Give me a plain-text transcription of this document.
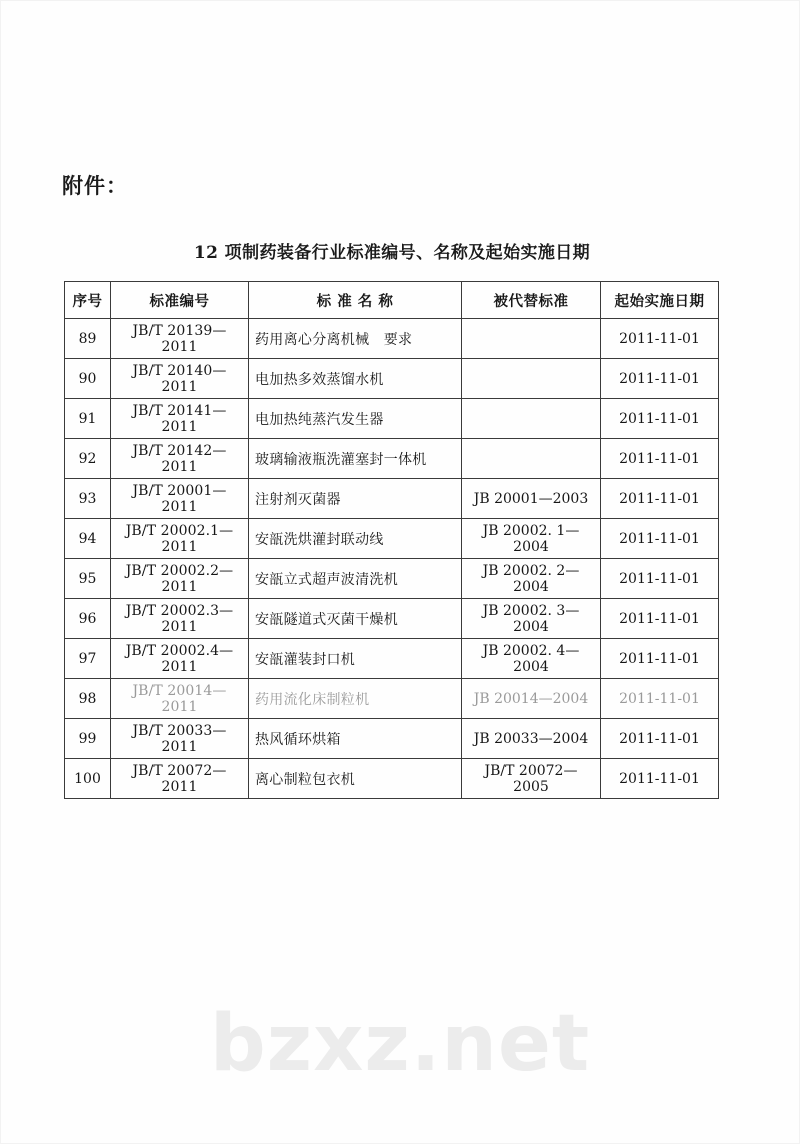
bzxz.net
附件：
12 项制药装备行业标准编号、名称及起始实施日期
序号	标准编号	标 准 名 称	被代替标准	起始实施日期
89	JB/T 20139—2011	药用离心分离机械　要求		2011-11-01
90	JB/T 20140—2011	电加热多效蒸馏水机		2011-11-01
91	JB/T 20141—2011	电加热纯蒸汽发生器		2011-11-01
92	JB/T 20142—2011	玻璃输液瓶洗灌塞封一体机		2011-11-01
93	JB/T 20001—2011	注射剂灭菌器	JB 20001—2003	2011-11-01
94	JB/T 20002.1—2011	安瓿洗烘灌封联动线	JB 20002. 1—2004	2011-11-01
95	JB/T 20002.2—2011	安瓿立式超声波清洗机	JB 20002. 2—2004	2011-11-01
96	JB/T 20002.3—2011	安瓿隧道式灭菌干燥机	JB 20002. 3—2004	2011-11-01
97	JB/T 20002.4—2011	安瓿灌装封口机	JB 20002. 4—2004	2011-11-01
98	JB/T 20014—2011	药用流化床制粒机	JB 20014—2004	2011-11-01
99	JB/T 20033—2011	热风循环烘箱	JB 20033—2004	2011-11-01
100	JB/T 20072—2011	离心制粒包衣机	JB/T 20072—2005	2011-11-01
